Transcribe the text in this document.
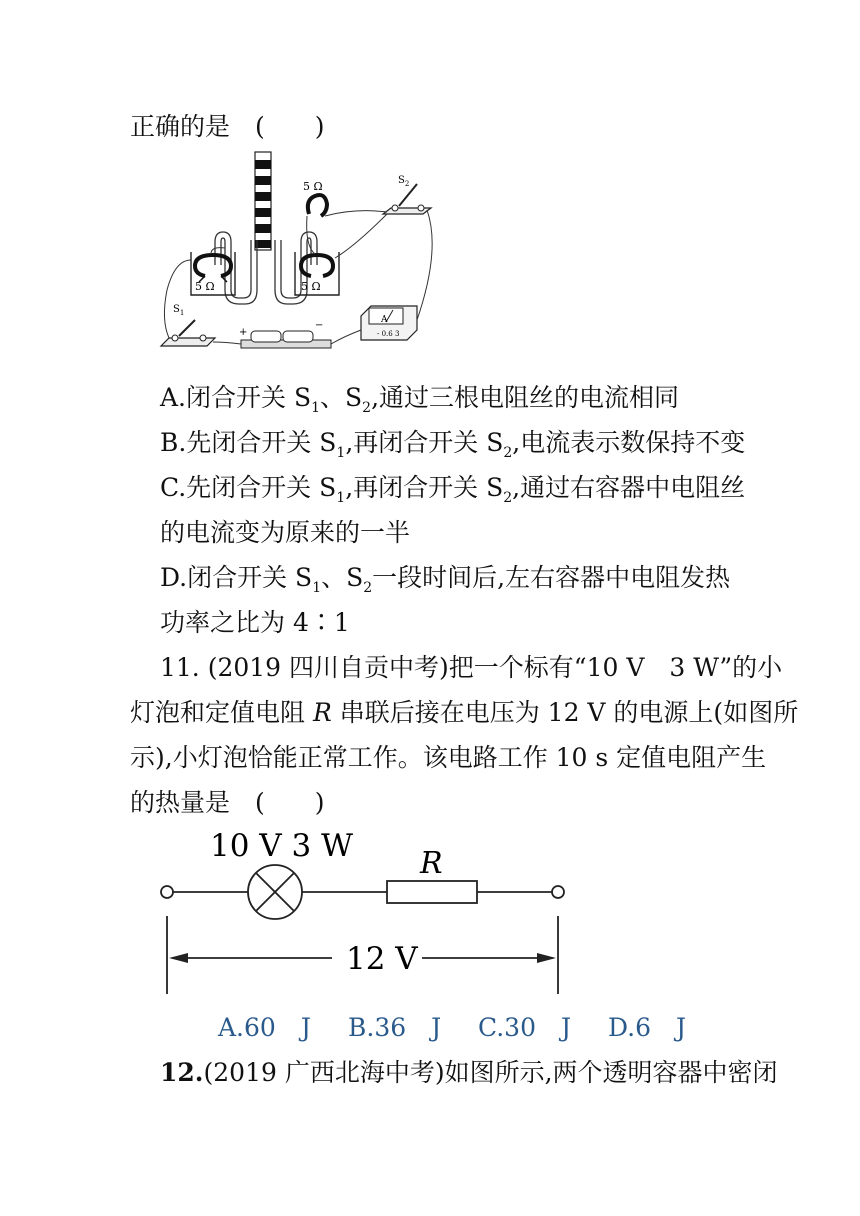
正确的是　(　　)
5 Ω	5 Ω
5 Ω	$S_2$
$S_1$
+
−	A
- 0.6 3
A.闭合开关 $S_1$、$S_2$,通过三根电阻丝的电流相同
B.先闭合开关 $S_1$,再闭合开关 $S_2$,电流表示数保持不变
C.先闭合开关 $S_1$,再闭合开关 $S_2$,通过右容器中电阻丝
的电流变为原来的一半
D.闭合开关 $S_1$、$S_2$一段时间后,左右容器中电阻发热
功率之比为 4∶1
11. (2019 四川自贡中考)把一个标有“10 V　3 W”的小
灯泡和定值电阻 R 串联后接在电压为 12 V 的电源上(如图所
示),小灯泡恰能正常工作。该电路工作 10 s 定值电阻产生
的热量是　(　　)
10 V 3 W R
12 V
A.60　J B.36　J C.30　J D.6　J
12.(2019 广西北海中考)如图所示,两个透明容器中密闭
